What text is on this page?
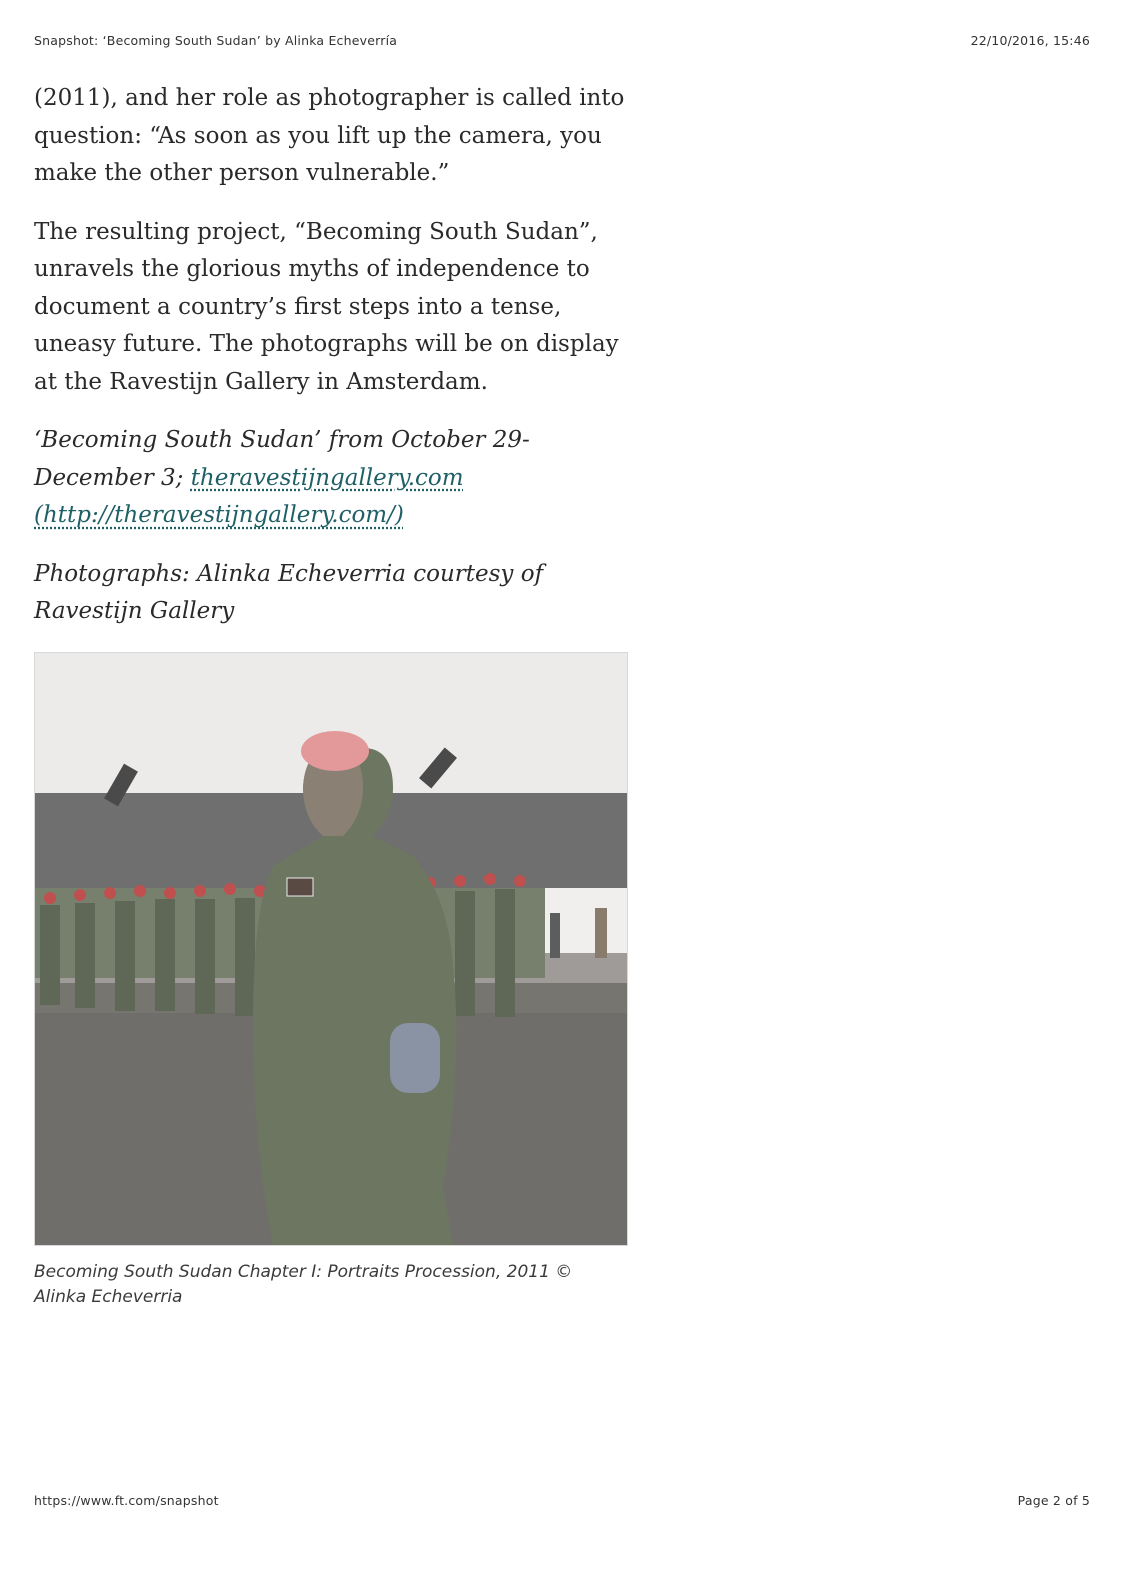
Snapshot: ‘Becoming South Sudan’ by Alinka Echeverría	22/10/2016, 15:46

(2011), and her role as photographer is called into question: “As soon as you lift up the camera, you make the other person vulnerable.”

The resulting project, “Becoming South Sudan”, unravels the glorious myths of independence to document a country’s first steps into a tense, uneasy future. The photographs will be on display at the Ravestijn Gallery in Amsterdam.

‘Becoming South Sudan’ from October 29-December 3; theravestijngallery.com (http://theravestijngallery.com/)

Photographs: Alinka Echeverria courtesy of Ravestijn Gallery

Becoming South Sudan Chapter I: Portraits Procession, 2011 © Alinka Echeverria
https://www.ft.com/snapshot	Page 2 of 5
